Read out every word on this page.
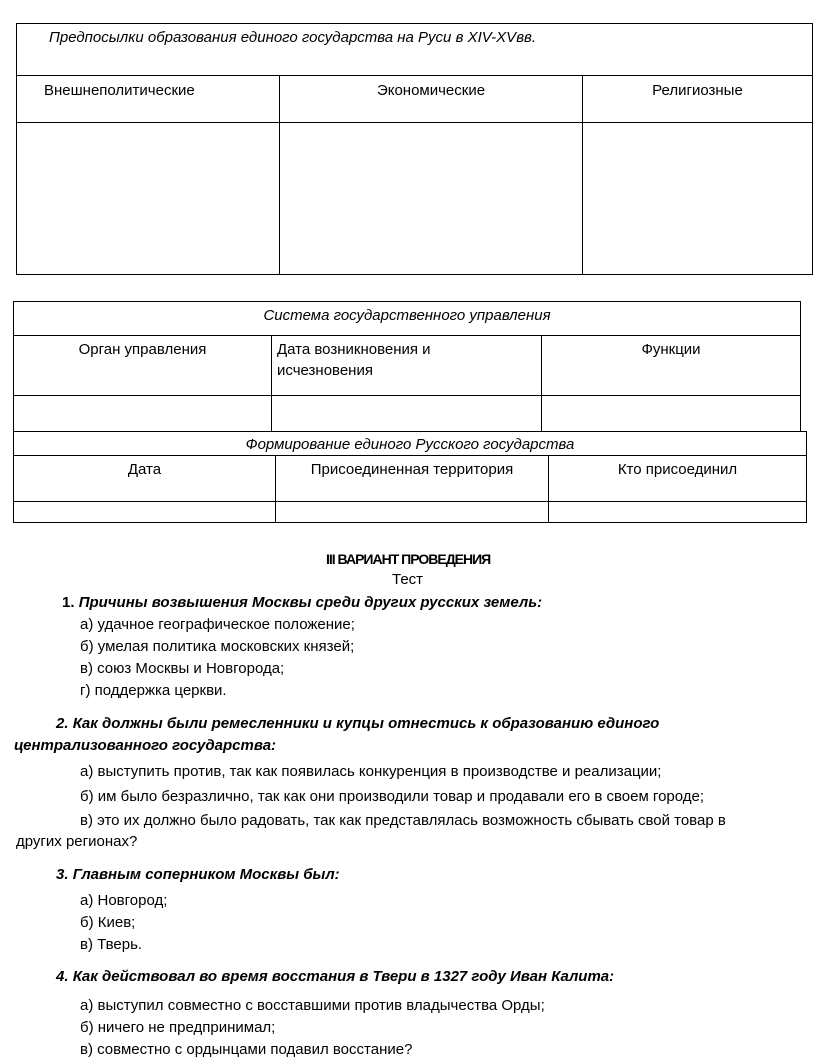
Предпосылки образования единого государства на Руси в XIV-XVвв.		
Внешнеполитические	Экономические	Религиозные

Система государственного управления		
Орган управления	Дата возникновения и исчезновения	Функции

Формирование единого Русского государства		
Дата	Присоединенная территория	Кто присоединил

III ВАРИАНТ ПРОВЕДЕНИЯ

Тест

1. Причины возвышения Москвы среди других русских земель:

а) удачное географическое положение;

б) умелая политика московских князей;

в) союз Москвы и Новгорода;

г) поддержка церкви.

2. Как должны были ремесленники и купцы отнестись к образованию единого

централизованного государства:

а) выступить против, так как появилась конкуренция в производстве и реализации;

б) им было безразлично, так как они производили товар и продавали его в своем городе;

в) это их должно было радовать, так как представлялась возможность сбывать свой товар в

других регионах?

3. Главным соперником Москвы был:

а) Новгород;

б) Киев;

в) Тверь.

4. Как действовал во время восстания в Твери в 1327 году Иван Калита:

а) выступил совместно с восставшими против владычества Орды;

б) ничего не предпринимал;

в) совместно с ордынцами подавил восстание?
